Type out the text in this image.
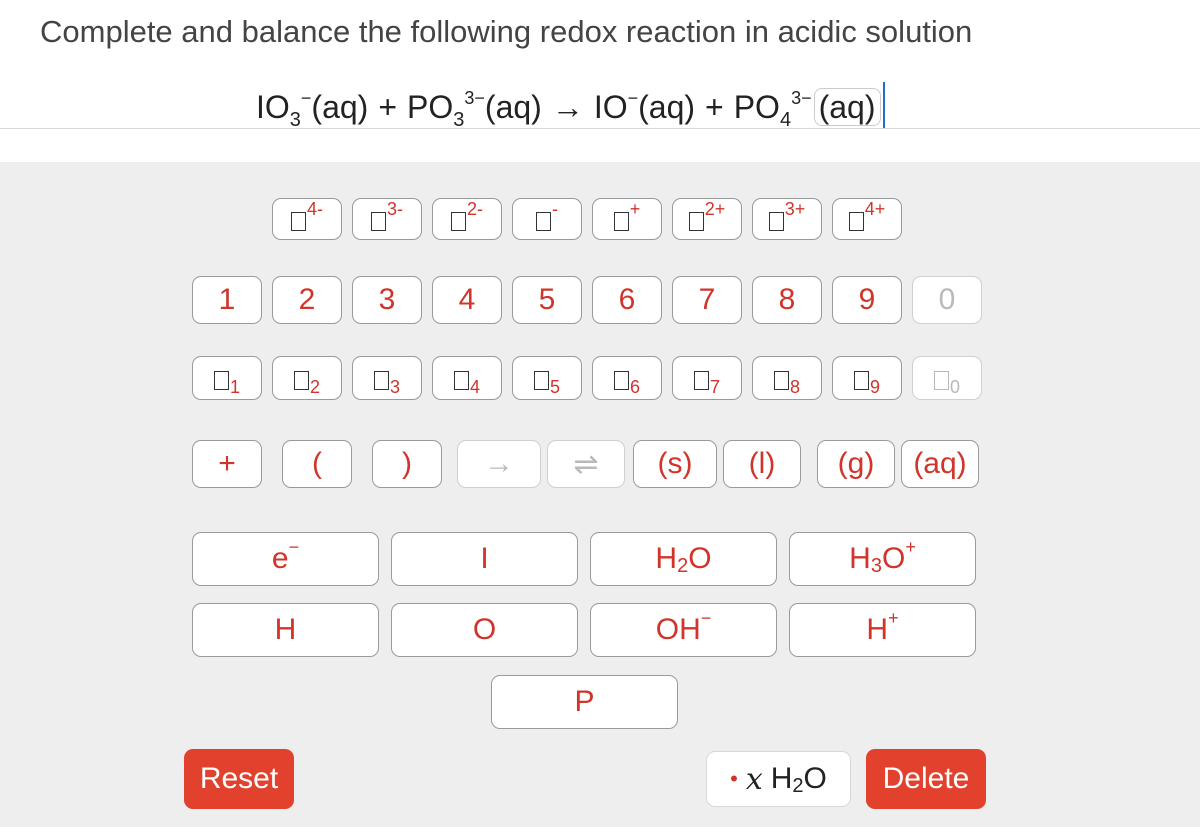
Complete and balance the following redox reaction in acidic solution
$IO_3^-(aq) + PO_3^{3-}(aq) \to IO^-(aq) + PO_4^{3-}$ (aq)
4-	3-	2-	-	+	2+	3+	4+
1	2	3	4	5	6	7	8	9	0
1	2	3	4	5	6	7	8	9	0
+	(	)	→	⇌	(s)	(l)	(g)	(aq)
e −	I	H 2 O	H 3 O +
H	O	OH −	H +
P
Reset	• x H 2 O	Delete
